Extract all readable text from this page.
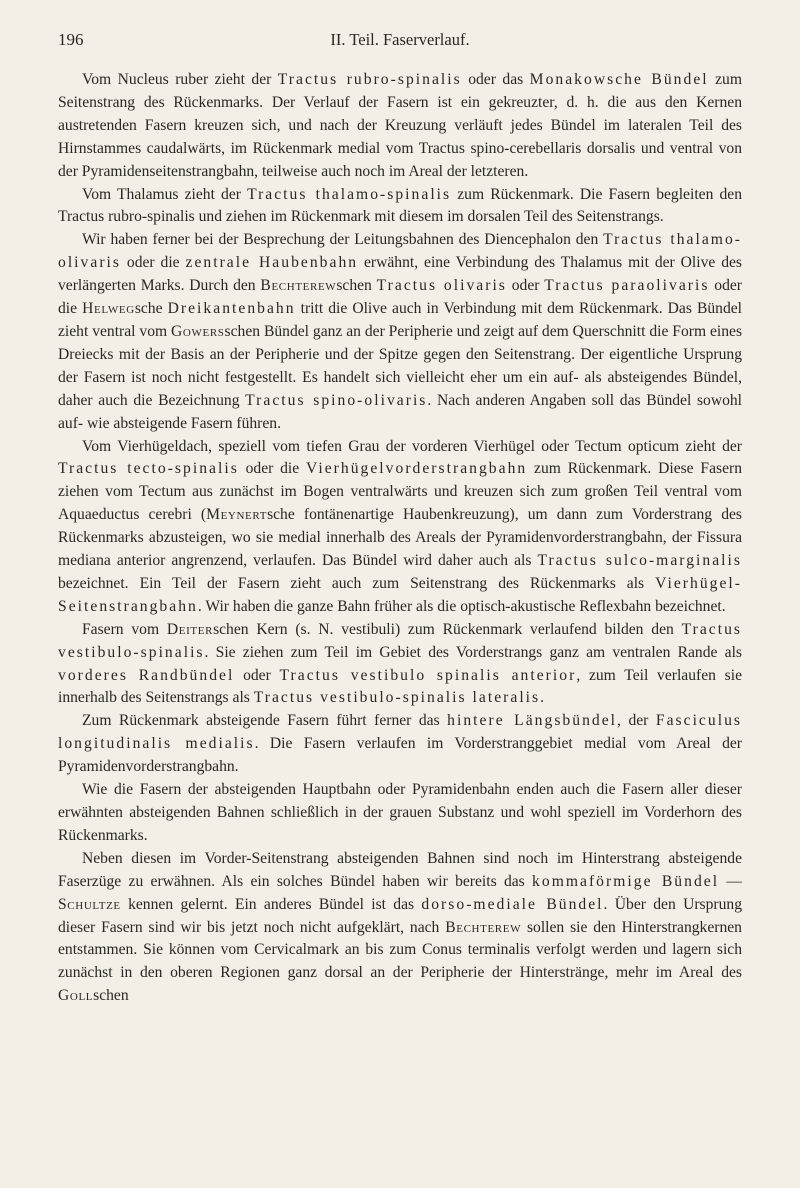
196	II. Teil. Faserverlauf.

Vom Nucleus ruber zieht der Tractus rubro-spinalis oder das Monakowsche Bündel zum Seitenstrang des Rückenmarks. Der Verlauf der Fasern ist ein gekreuzter, d. h. die aus den Kernen austretenden Fasern kreuzen sich, und nach der Kreuzung verläuft jedes Bündel im lateralen Teil des Hirnstammes caudalwärts, im Rückenmark medial vom Tractus spino-cerebellaris dorsalis und ventral von der Pyramidenseitenstrangbahn, teilweise auch noch im Areal der letzteren.

Vom Thalamus zieht der Tractus thalamo-spinalis zum Rückenmark. Die Fasern begleiten den Tractus rubro-spinalis und ziehen im Rückenmark mit diesem im dorsalen Teil des Seitenstrangs.

Wir haben ferner bei der Besprechung der Leitungsbahnen des Diencephalon den Tractus thalamo-olivaris oder die zentrale Haubenbahn erwähnt, eine Verbindung des Thalamus mit der Olive des verlängerten Marks. Durch den Bechterewschen Tractus olivaris oder Tractus paraolivaris oder die Helwegsche Dreikantenbahn tritt die Olive auch in Verbindung mit dem Rückenmark. Das Bündel zieht ventral vom Gowersschen Bündel ganz an der Peripherie und zeigt auf dem Querschnitt die Form eines Dreiecks mit der Basis an der Peripherie und der Spitze gegen den Seitenstrang. Der eigentliche Ursprung der Fasern ist noch nicht festgestellt. Es handelt sich vielleicht eher um ein auf- als absteigendes Bündel, daher auch die Bezeichnung Tractus spino-olivaris. Nach anderen Angaben soll das Bündel sowohl auf- wie absteigende Fasern führen.

Vom Vierhügeldach, speziell vom tiefen Grau der vorderen Vierhügel oder Tectum opticum zieht der Tractus tecto-spinalis oder die Vierhügelvorderstrangbahn zum Rückenmark. Diese Fasern ziehen vom Tectum aus zunächst im Bogen ventralwärts und kreuzen sich zum großen Teil ventral vom Aquaeductus cerebri (Meynertsche fontänenartige Haubenkreuzung), um dann zum Vorderstrang des Rückenmarks abzusteigen, wo sie medial innerhalb des Areals der Pyramidenvorderstrangbahn, der Fissura mediana anterior angrenzend, verlaufen. Das Bündel wird daher auch als Tractus sulco-marginalis bezeichnet. Ein Teil der Fasern zieht auch zum Seitenstrang des Rückenmarks als Vierhügel-Seitenstrangbahn. Wir haben die ganze Bahn früher als die optisch-akustische Reflexbahn bezeichnet.

Fasern vom Deiterschen Kern (s. N. vestibuli) zum Rückenmark verlaufend bilden den Tractus vestibulo-spinalis. Sie ziehen zum Teil im Gebiet des Vorderstrangs ganz am ventralen Rande als vorderes Randbündel oder Tractus vestibulo spinalis anterior, zum Teil verlaufen sie innerhalb des Seitenstrangs als Tractus vestibulo-spinalis lateralis.

Zum Rückenmark absteigende Fasern führt ferner das hintere Längsbündel, der Fasciculus longitudinalis medialis. Die Fasern verlaufen im Vorderstranggebiet medial vom Areal der Pyramidenvorderstrangbahn.

Wie die Fasern der absteigenden Hauptbahn oder Pyramidenbahn enden auch die Fasern aller dieser erwähnten absteigenden Bahnen schließlich in der grauen Substanz und wohl speziell im Vorderhorn des Rückenmarks.

Neben diesen im Vorder-Seitenstrang absteigenden Bahnen sind noch im Hinterstrang absteigende Faserzüge zu erwähnen. Als ein solches Bündel haben wir bereits das kommaförmige Bündel — Schultze kennen gelernt. Ein anderes Bündel ist das dorso-mediale Bündel. Über den Ursprung dieser Fasern sind wir bis jetzt noch nicht aufgeklärt, nach Bechterew sollen sie den Hinterstrangkernen entstammen. Sie können vom Cervicalmark an bis zum Conus terminalis verfolgt werden und lagern sich zunächst in den oberen Regionen ganz dorsal an der Peripherie der Hinterstränge, mehr im Areal des Gollschen
